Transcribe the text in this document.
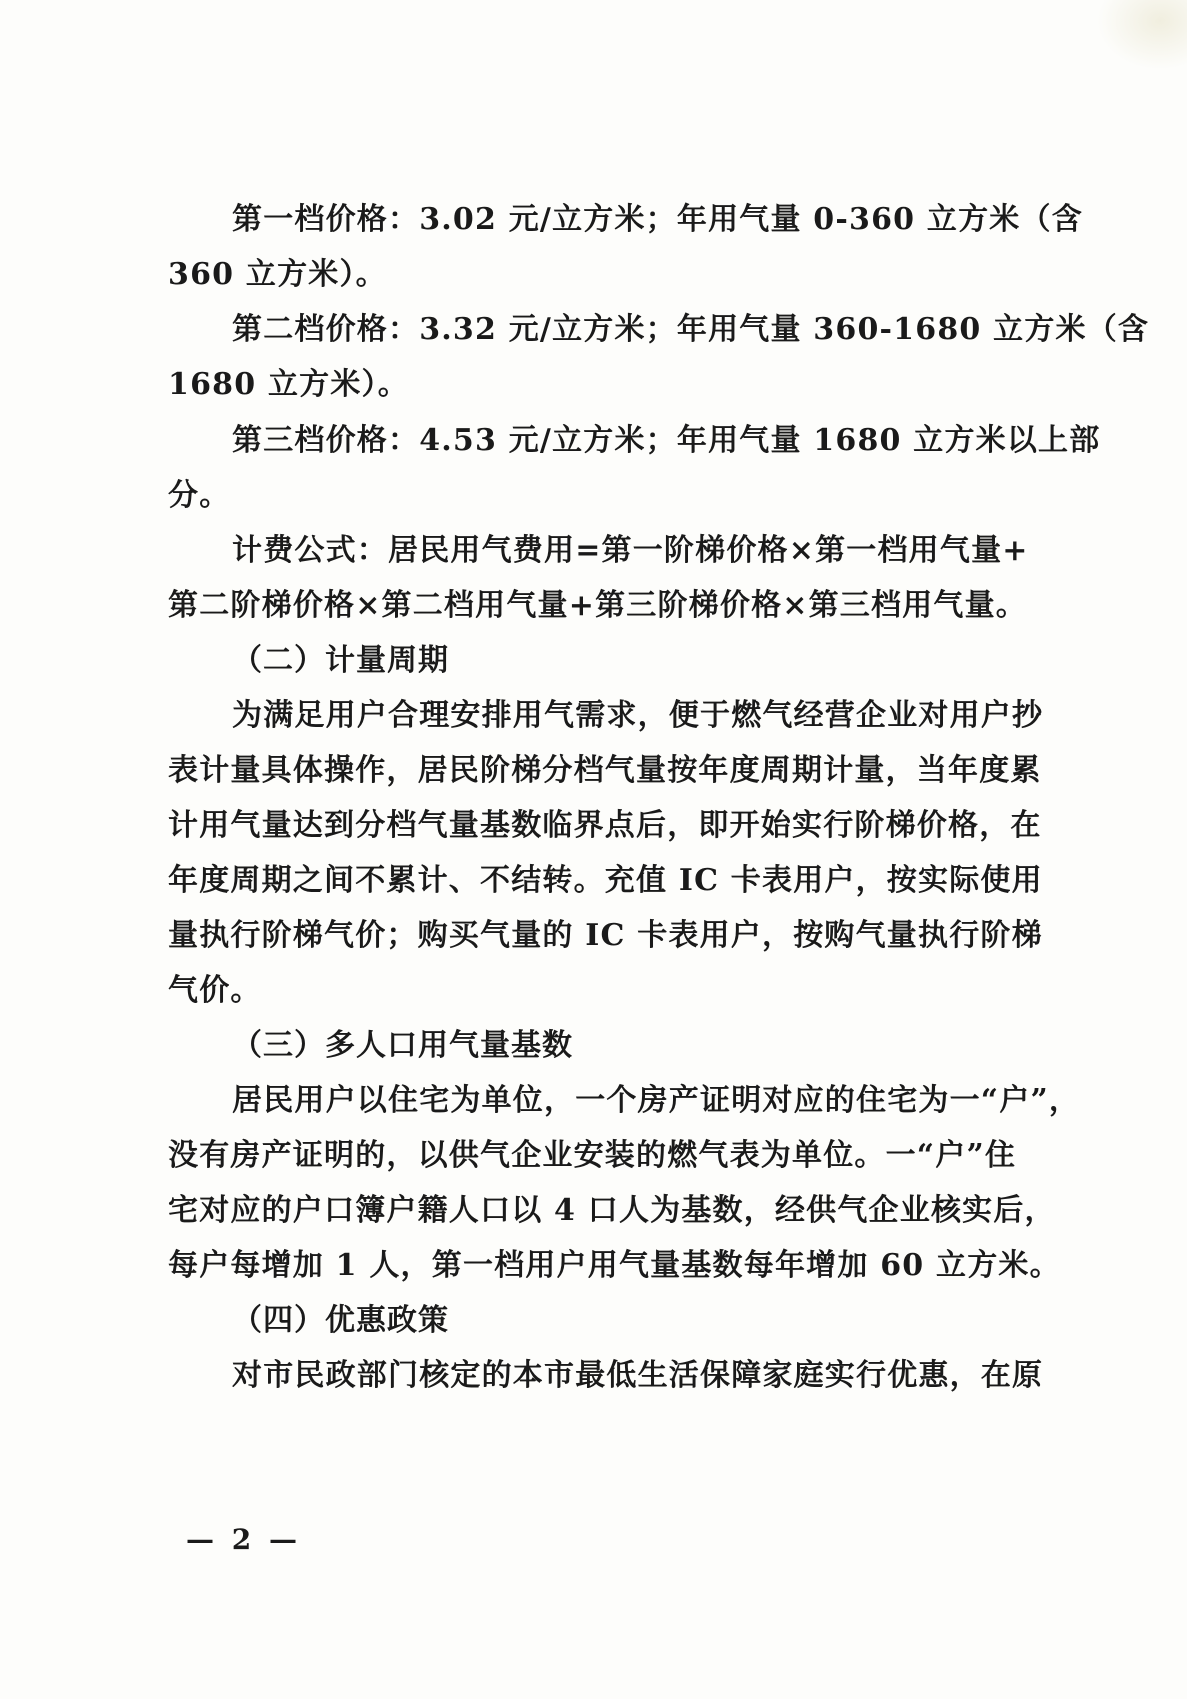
第一档价格：3.02 元/立方米；年用气量 0-360 立方米（含
360 立方米）。
第二档价格：3.32 元/立方米；年用气量 360-1680 立方米（含
1680 立方米）。
第三档价格：4.53 元/立方米；年用气量 1680 立方米以上部
分。
计费公式：居民用气费用=第一阶梯价格×第一档用气量+
第二阶梯价格×第二档用气量+第三阶梯价格×第三档用气量。
（二）计量周期
为满足用户合理安排用气需求，便于燃气经营企业对用户抄
表计量具体操作，居民阶梯分档气量按年度周期计量，当年度累
计用气量达到分档气量基数临界点后，即开始实行阶梯价格，在
年度周期之间不累计、不结转。充值 IC 卡表用户，按实际使用
量执行阶梯气价；购买气量的 IC 卡表用户，按购气量执行阶梯
气价。
（三）多人口用气量基数
居民用户以住宅为单位，一个房产证明对应的住宅为一“户”，
没有房产证明的，以供气企业安装的燃气表为单位。一“户”住
宅对应的户口簿户籍人口以 4 口人为基数，经供气企业核实后，
每户每增加 1 人，第一档用户用气量基数每年增加 60 立方米。
（四）优惠政策
对市民政部门核定的本市最低生活保障家庭实行优惠，在原
— 2 —
